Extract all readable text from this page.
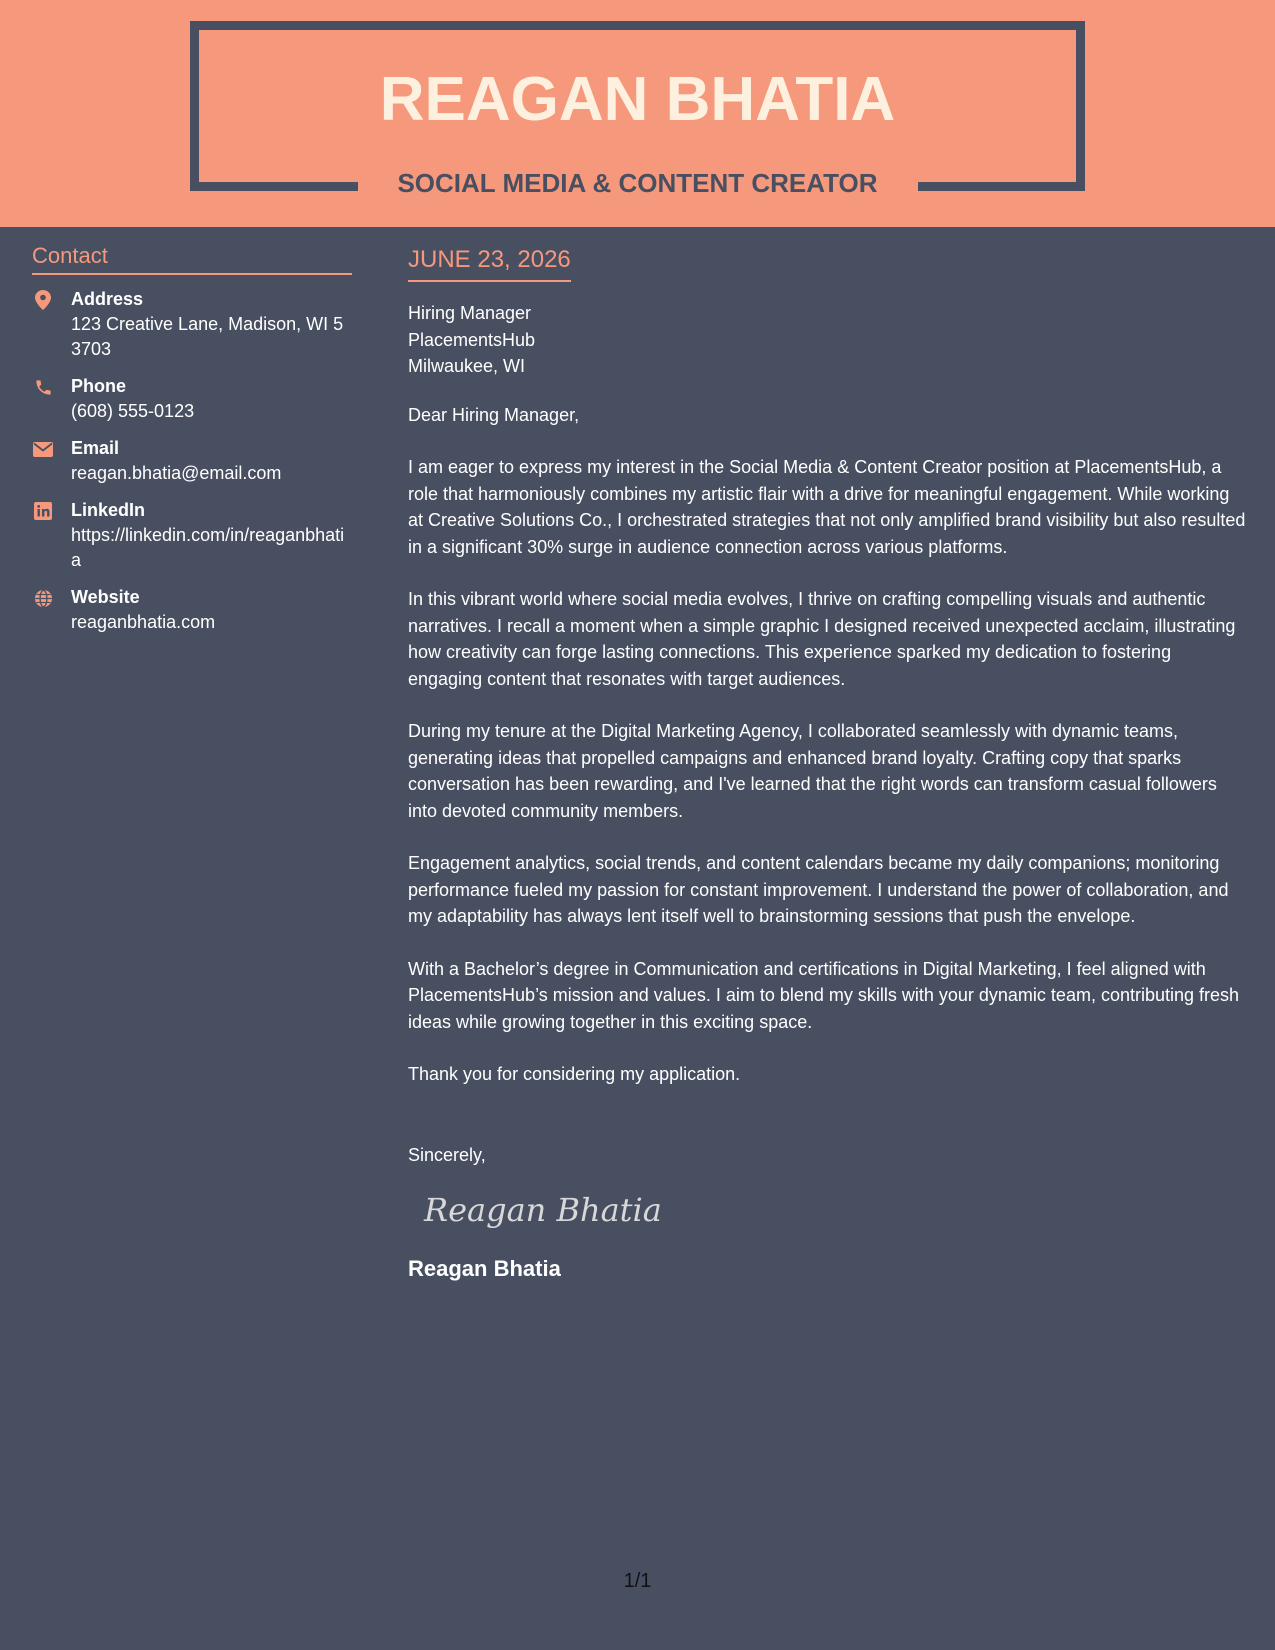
REAGAN BHATIA
SOCIAL MEDIA & CONTENT CREATOR
Contact
Address
123 Creative Lane, Madison, WI 53703
Phone
(608) 555-0123
Email
reagan.bhatia@email.com
LinkedIn
https://linkedin.com/in/reaganbhatia
Website
reaganbhatia.com
JUNE 23, 2026
Hiring Manager
PlacementsHub
Milwaukee, WI
Dear Hiring Manager,
I am eager to express my interest in the Social Media & Content Creator position at PlacementsHub, a role that harmoniously combines my artistic flair with a drive for meaningful engagement. While working at Creative Solutions Co., I orchestrated strategies that not only amplified brand visibility but also resulted in a significant 30% surge in audience connection across various platforms.
In this vibrant world where social media evolves, I thrive on crafting compelling visuals and authentic narratives. I recall a moment when a simple graphic I designed received unexpected acclaim, illustrating how creativity can forge lasting connections. This experience sparked my dedication to fostering engaging content that resonates with target audiences.
During my tenure at the Digital Marketing Agency, I collaborated seamlessly with dynamic teams, generating ideas that propelled campaigns and enhanced brand loyalty. Crafting copy that sparks conversation has been rewarding, and I've learned that the right words can transform casual followers into devoted community members.
Engagement analytics, social trends, and content calendars became my daily companions; monitoring performance fueled my passion for constant improvement. I understand the power of collaboration, and my adaptability has always lent itself well to brainstorming sessions that push the envelope.
With a Bachelor’s degree in Communication and certifications in Digital Marketing, I feel aligned with PlacementsHub’s mission and values. I aim to blend my skills with your dynamic team, contributing fresh ideas while growing together in this exciting space.
Thank you for considering my application.
Sincerely,
Reagan Bhatia
Reagan Bhatia
1/1
